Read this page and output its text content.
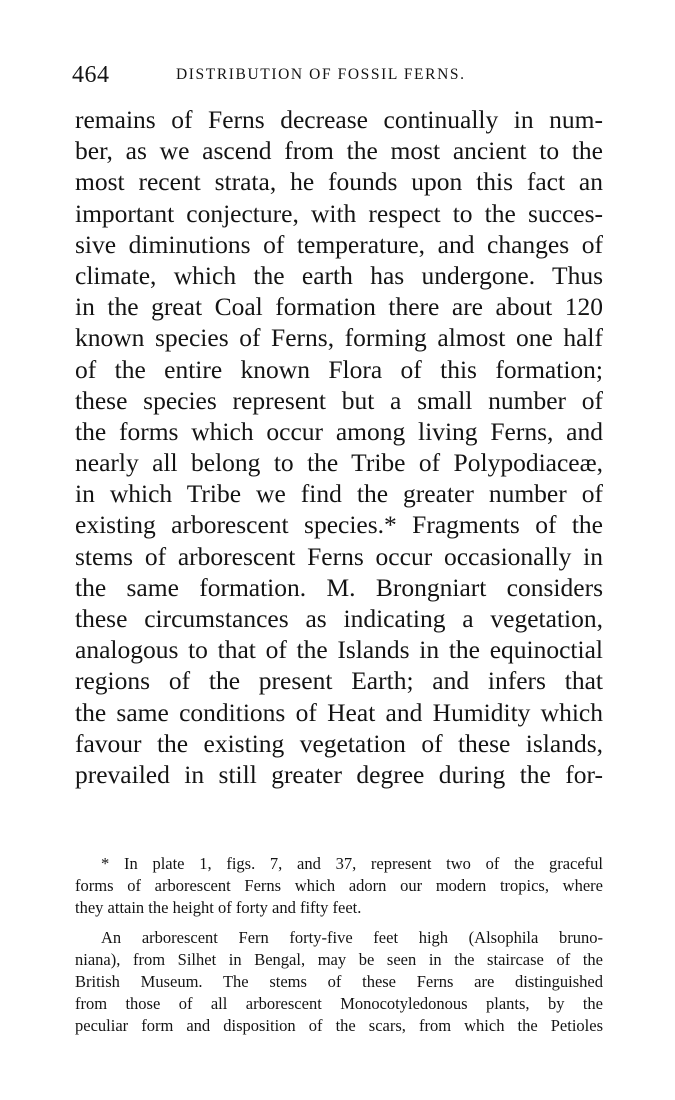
464	DISTRIBUTION OF FOSSIL FERNS.
remains of Ferns decrease continually in num-
ber, as we ascend from the most ancient to the
most recent strata, he founds upon this fact an
important conjecture, with respect to the succes-
sive diminutions of temperature, and changes of
climate, which the earth has undergone. Thus
in the great Coal formation there are about 120
known species of Ferns, forming almost one half
of the entire known Flora of this formation;
these species represent but a small number of
the forms which occur among living Ferns, and
nearly all belong to the Tribe of Polypodiaceæ,
in which Tribe we find the greater number of
existing arborescent species.* Fragments of the
stems of arborescent Ferns occur occasionally in
the same formation. M. Brongniart considers
these circumstances as indicating a vegetation,
analogous to that of the Islands in the equinoctial
regions of the present Earth; and infers that
the same conditions of Heat and Humidity which
favour the existing vegetation of these islands,
prevailed in still greater degree during the for-
* In plate 1, figs. 7, and 37, represent two of the graceful
forms of arborescent Ferns which adorn our modern tropics, where
they attain the height of forty and fifty feet.
An arborescent Fern forty-five feet high (Alsophila bruno-
niana), from Silhet in Bengal, may be seen in the staircase of the
British Museum. The stems of these Ferns are distinguished
from those of all arborescent Monocotyledonous plants, by the
peculiar form and disposition of the scars, from which the Petioles
